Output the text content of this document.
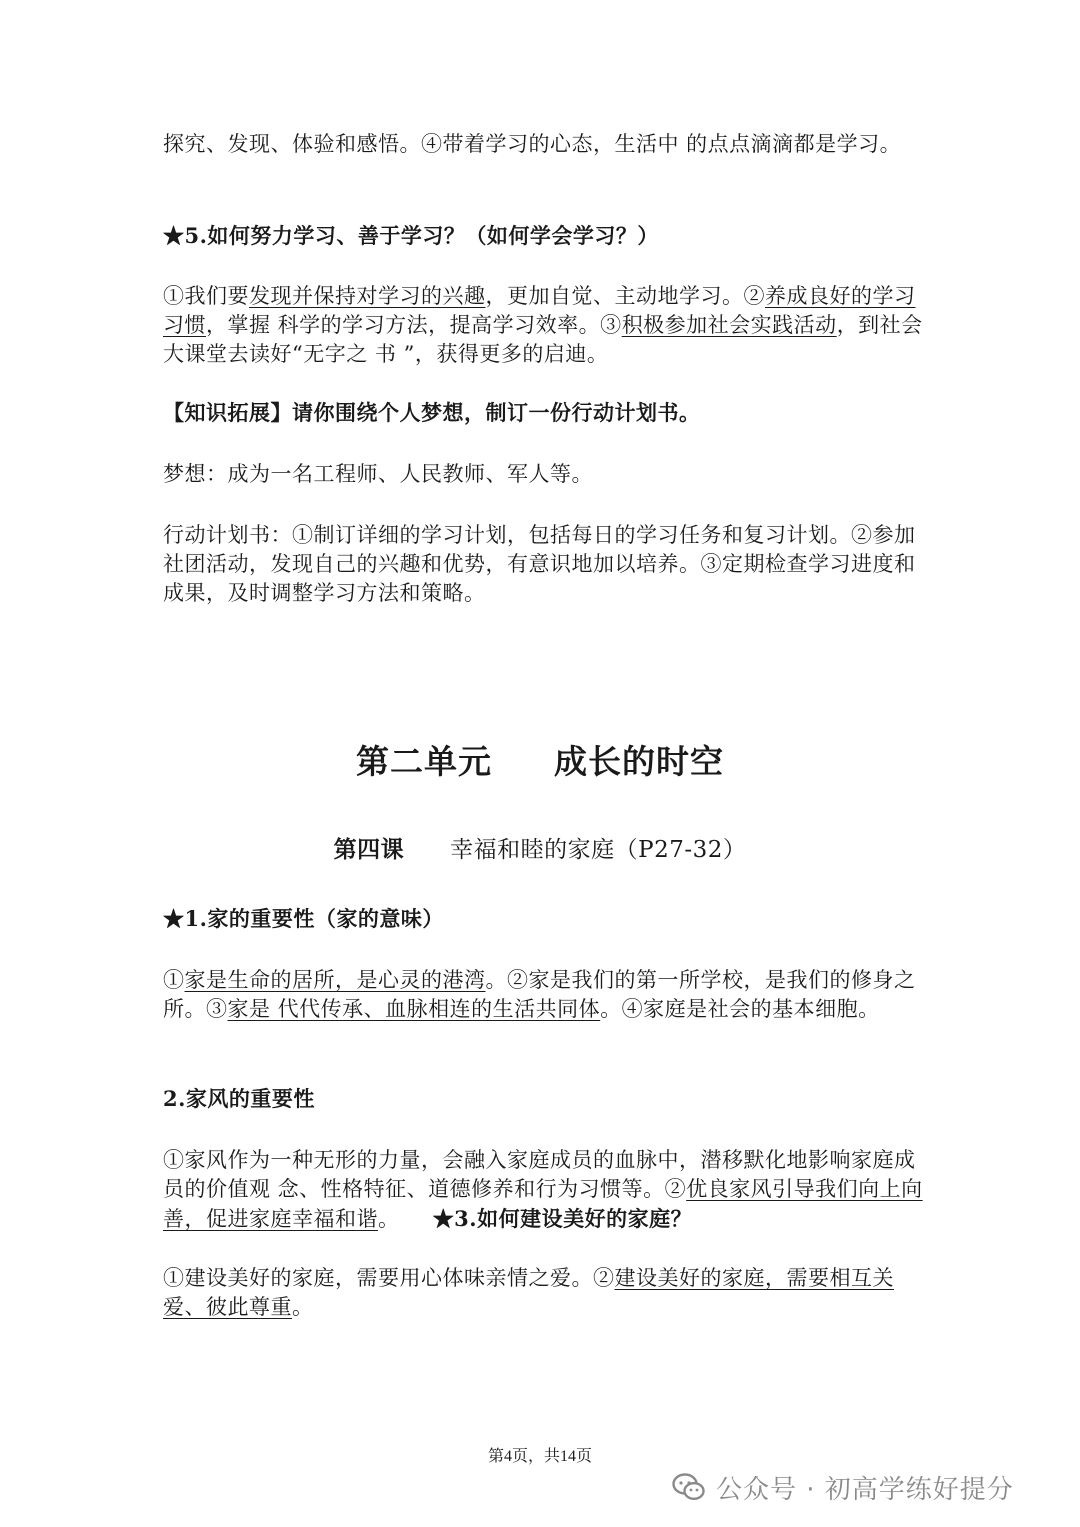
探究、发现、体验和感悟。④带着学习的心态，生活中 的点点滴滴都是学习。
★5.如何努力学习、善于学习？（如何学会学习？）
①我们要发现并保持对学习的兴趣，更加自觉、主动地学习。②养成良好的学习习惯，掌握 科学的学习方法，提高学习效率。③积极参加社会实践活动，到社会大课堂去读好“无字之 书 ”，获得更多的启迪。
【知识拓展】请你围绕个人梦想，制订一份行动计划书。
梦想：成为一名工程师、人民教师、军人等。
行动计划书：①制订详细的学习计划，包括每日的学习任务和复习计划。②参加社团活动，发现自己的兴趣和优势，有意识地加以培养。③定期检查学习进度和成果，及时调整学习方法和策略。
第二单元 成长的时空
第四课 幸福和睦的家庭（P27-32）
★1.家的重要性（家的意味）
①家是生命的居所，是心灵的港湾。②家是我们的第一所学校，是我们的修身之所。③家是 代代传承、血脉相连的生活共同体。④家庭是社会的基本细胞。
2.家风的重要性
①家风作为一种无形的力量，会融入家庭成员的血脉中，潜移默化地影响家庭成员的价值观 念、性格特征、道德修养和行为习惯等。②优良家风引导我们向上向善，促进家庭幸福和谐。 ★3.如何建设美好的家庭？
①建设美好的家庭，需要用心体味亲情之爱。②建设美好的家庭，需要相互关爱、彼此尊重。
第4页，共14页
公众号 · 初高学练好提分
